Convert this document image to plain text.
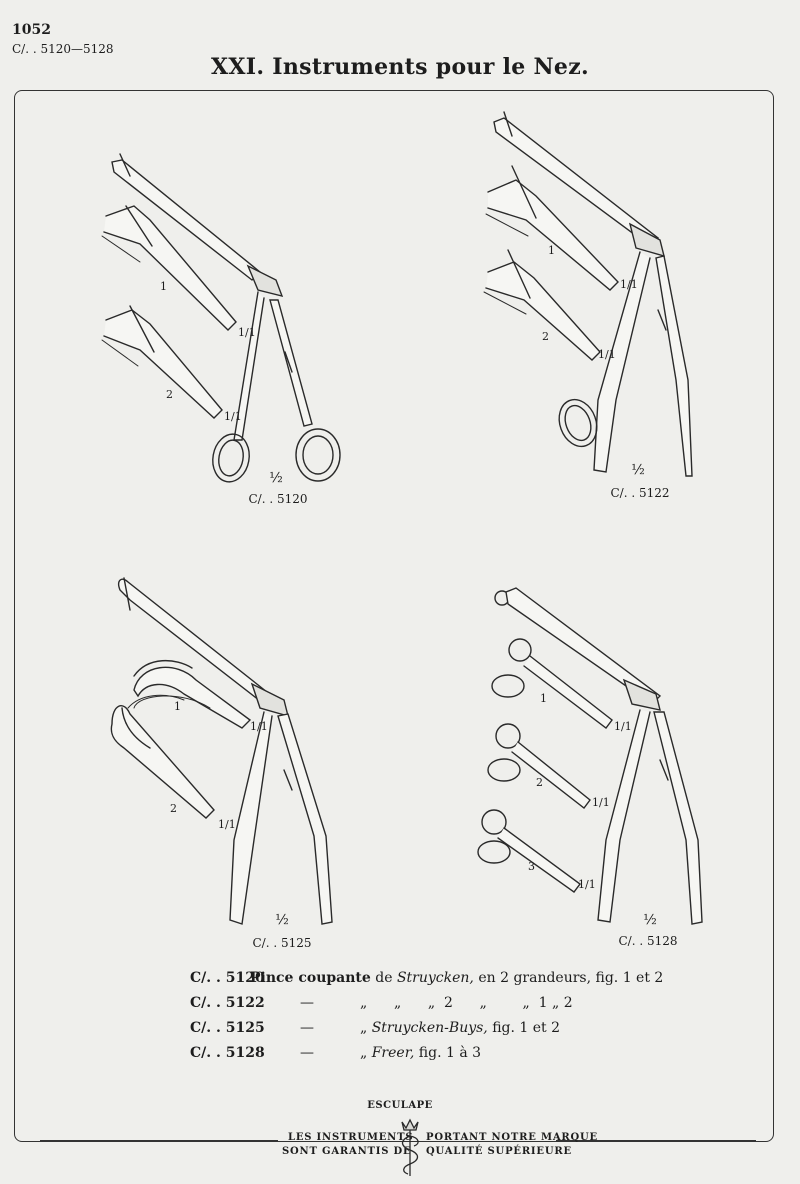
1052
C/. . 5120—5128
XXI. Instruments pour le Nez.
1
2
1/1
1/1
½
C/. . 5120
1
2
1/1
1/1
½
C/. . 5122
1
2
1/1
1/1
½
C/. . 5125
1
2
3
1/1
1/1
1/1
½
C/. . 5128
C/. . 5120
Pince coupante de Struycken, en 2 grandeurs, fig. 1 et 2
C/. . 5122	—	„      „      „  2      „        „  1 „ 2
C/. . 5125	—	„ Struycken-Buys, fig. 1 et 2
C/. . 5128	—	„ Freer, fig. 1 à 3
ESCULAPE
LES INSTRUMENTS
SONT GARANTIS DE
PORTANT NOTRE MARQUE
QUALITÉ SUPÉRIEURE
